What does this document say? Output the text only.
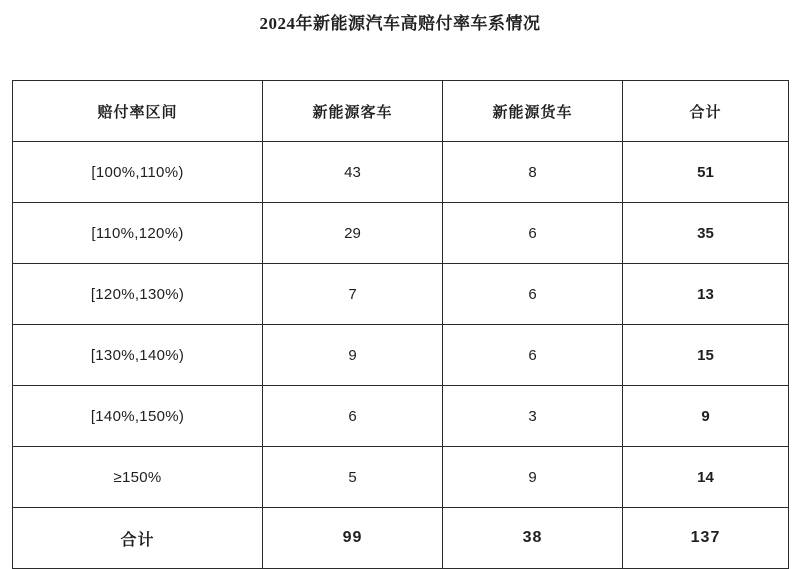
2024年新能源汽车高赔付率车系情况
赔付率区间	新能源客车	新能源货车	合计
[100%,110%)	43	8	51
[110%,120%)	29	6	35
[120%,130%)	7	6	13
[130%,140%)	9	6	15
[140%,150%)	6	3	9
≥150%	5	9	14
合计	99	38	137
